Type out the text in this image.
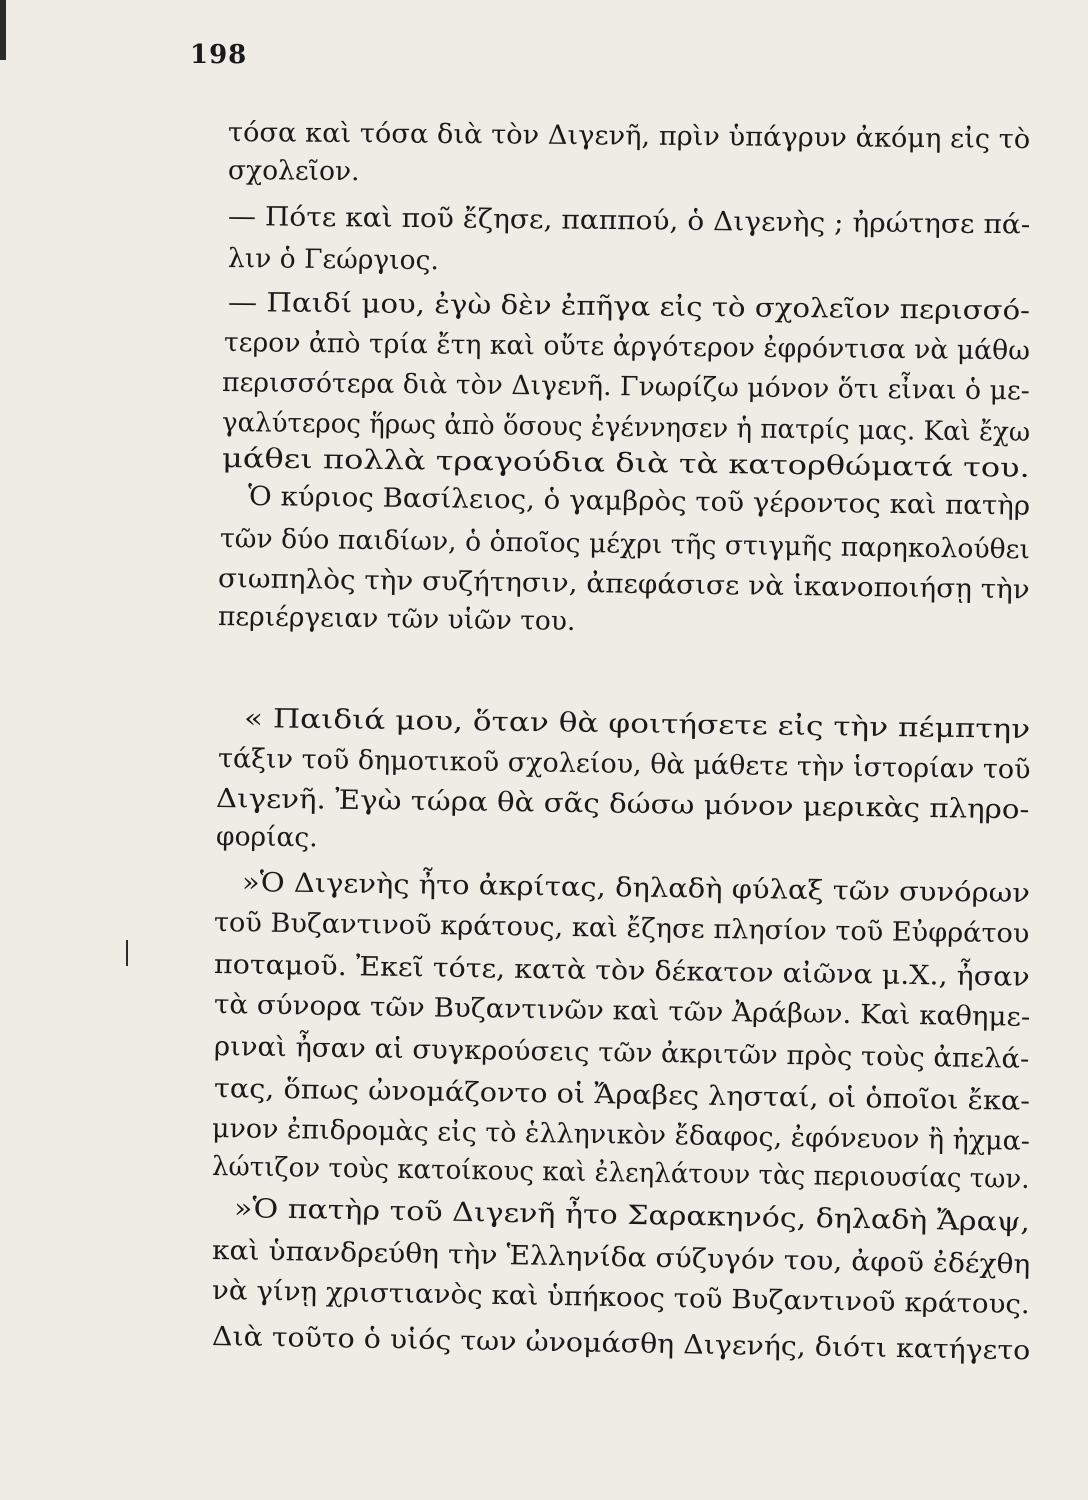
198
τόσα καὶ τόσα διὰ τὸν Διγενῆ, πρὶν ὑπάγρυν ἀκόμη εἰς τὸ
σχολεῖον.
— Πότε καὶ ποῦ ἔζησε, παππού, ὁ Διγενὴς ; ἠρώτησε πά-
λιν ὁ Γεώργιος.
— Παιδί μου, ἐγὼ δὲν ἐπῆγα εἰς τὸ σχολεῖον περισσό-
τερον ἀπὸ τρία ἔτη καὶ οὔτε ἀργότερον ἐφρόντισα νὰ μάθω
περισσότερα διὰ τὸν Διγενῆ. Γνωρίζω μόνον ὅτι εἶναι ὁ με-
γαλύτερος ἥρως ἀπὸ ὅσους ἐγέννησεν ἡ πατρίς μας. Καὶ ἔχω
μάθει πολλὰ τραγούδια διὰ τὰ κατορθώματά του.
Ὁ κύριος Βασίλειος, ὁ γαμβρὸς τοῦ γέροντος καὶ πατὴρ
τῶν δύο παιδίων, ὁ ὁποῖος μέχρι τῆς στιγμῆς παρηκολούθει
σιωπηλὸς τὴν συζήτησιν, ἀπεφάσισε νὰ ἱκανοποιήσῃ τὴν
περιέργειαν τῶν υἱῶν του.
« Παιδιά μου, ὅταν θὰ φοιτήσετε εἰς τὴν πέμπτην
τάξιν τοῦ δημοτικοῦ σχολείου, θὰ μάθετε τὴν ἱστορίαν τοῦ
Διγενῆ. Ἐγὼ τώρα θὰ σᾶς δώσω μόνον μερικὰς πληρο-
φορίας.
»Ὁ Διγενὴς ἦτο ἀκρίτας, δηλαδὴ φύλαξ τῶν συνόρων
τοῦ Βυζαντινοῦ κράτους, καὶ ἔζησε πλησίον τοῦ Εὐφράτου
ποταμοῦ. Ἐκεῖ τότε, κατὰ τὸν δέκατον αἰῶνα μ.Χ., ἦσαν
τὰ σύνορα τῶν Βυζαντινῶν καὶ τῶν Ἀράβων. Καὶ καθημε-
ριναὶ ἦσαν αἱ συγκρούσεις τῶν ἀκριτῶν πρὸς τοὺς ἀπελά-
τας, ὅπως ὠνομάζοντο οἱ Ἄραβες λησταί, οἱ ὁποῖοι ἔκα-
μνον ἐπιδρομὰς εἰς τὸ ἑλληνικὸν ἔδαφος, ἐφόνευον ἢ ἠχμα-
λώτιζον τοὺς κατοίκους καὶ ἐλεηλάτουν τὰς περιουσίας των.
»Ὁ πατὴρ τοῦ Διγενῆ ἦτο Σαρακηνός, δηλαδὴ Ἄραψ,
καὶ ὑπανδρεύθη τὴν Ἑλληνίδα σύζυγόν του, ἀφοῦ ἐδέχθη
νὰ γίνῃ χριστιανὸς καὶ ὑπήκοος τοῦ Βυζαντινοῦ κράτους.
Διὰ τοῦτο ὁ υἱός των ὠνομάσθη Διγενής, διότι κατήγετο
